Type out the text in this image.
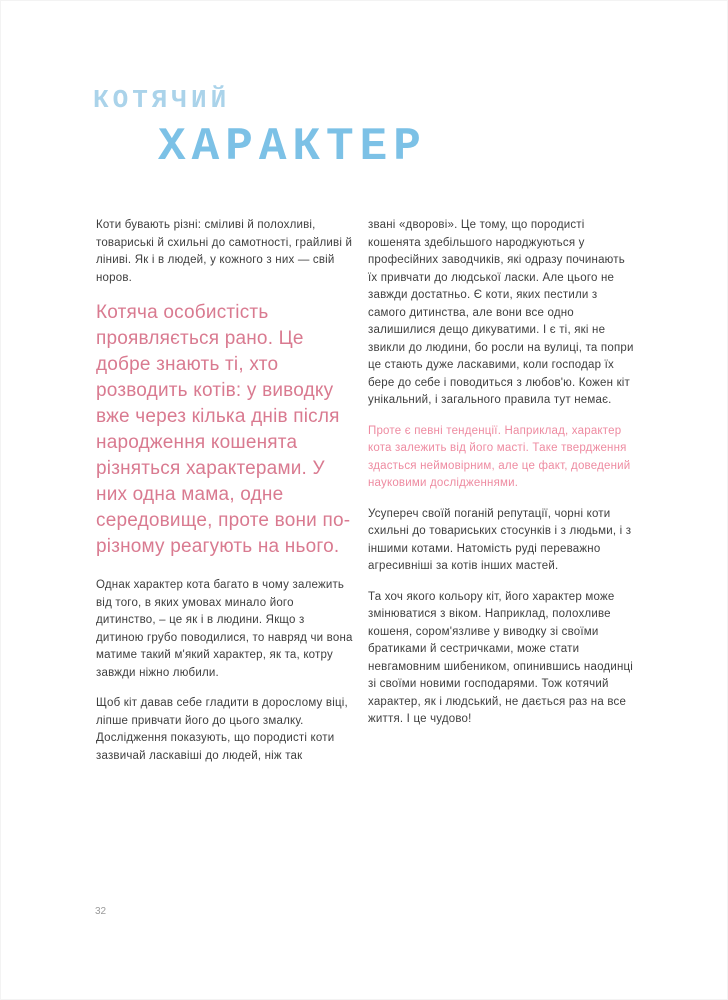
КОТЯЧИЙ
ХАРАКТЕР

Коти бувають різні: сміливі й полохливі, товариські й схильні до самотності, грайливі й ліниві. Як і в людей, у кожного з них — свій норов.

Котяча особистість проявляється рано. Це добре знають ті, хто розводить котів: у виводку вже через кілька днів після народження кошенята різняться характерами. У них одна мама, одне середовище, проте вони по-різному реагують на нього.

Однак характер кота багато в чому залежить від того, в яких умовах минало його дитинство, – це як і в людини. Якщо з дитиною грубо поводилися, то навряд чи вона матиме такий м'який характер, як та, котру завжди ніжно любили.

Щоб кіт давав себе гладити в дорослому віці, ліпше привчати його до цього змалку. Дослідження показують, що породисті коти зазвичай ласкавіші до людей, ніж так

звані «дворові». Це тому, що породисті кошенята здебільшого народжуються у професійних заводчиків, які одразу починають їх привчати до людської ласки. Але цього не завжди достатньо. Є коти, яких пестили з самого дитинства, але вони все одно залишилися дещо дикуватими. І є ті, які не звикли до людини, бо росли на вулиці, та попри це стають дуже ласкавими, коли господар їх бере до себе і поводиться з любов'ю. Кожен кіт унікальний, і загального правила тут немає.

Проте є певні тенденції. Наприклад, характер кота залежить від його масті. Таке твердження здасться неймовірним, але це факт, доведений науковими дослідженнями.

Усупереч своїй поганій репутації, чорні коти схильні до товариських стосунків і з людьми, і з іншими котами. Натомість руді переважно агресивніші за котів інших мастей.

Та хоч якого кольору кіт, його характер може змінюватися з віком. Наприклад, полохливе кошеня, сором'язливе у виводку зі своїми братиками й сестричками, може стати невгамовним шибеником, опинившись наодинці зі своїми новими господарями. Тож котячий характер, як і людський, не дається раз на все життя. І це чудово!

32
